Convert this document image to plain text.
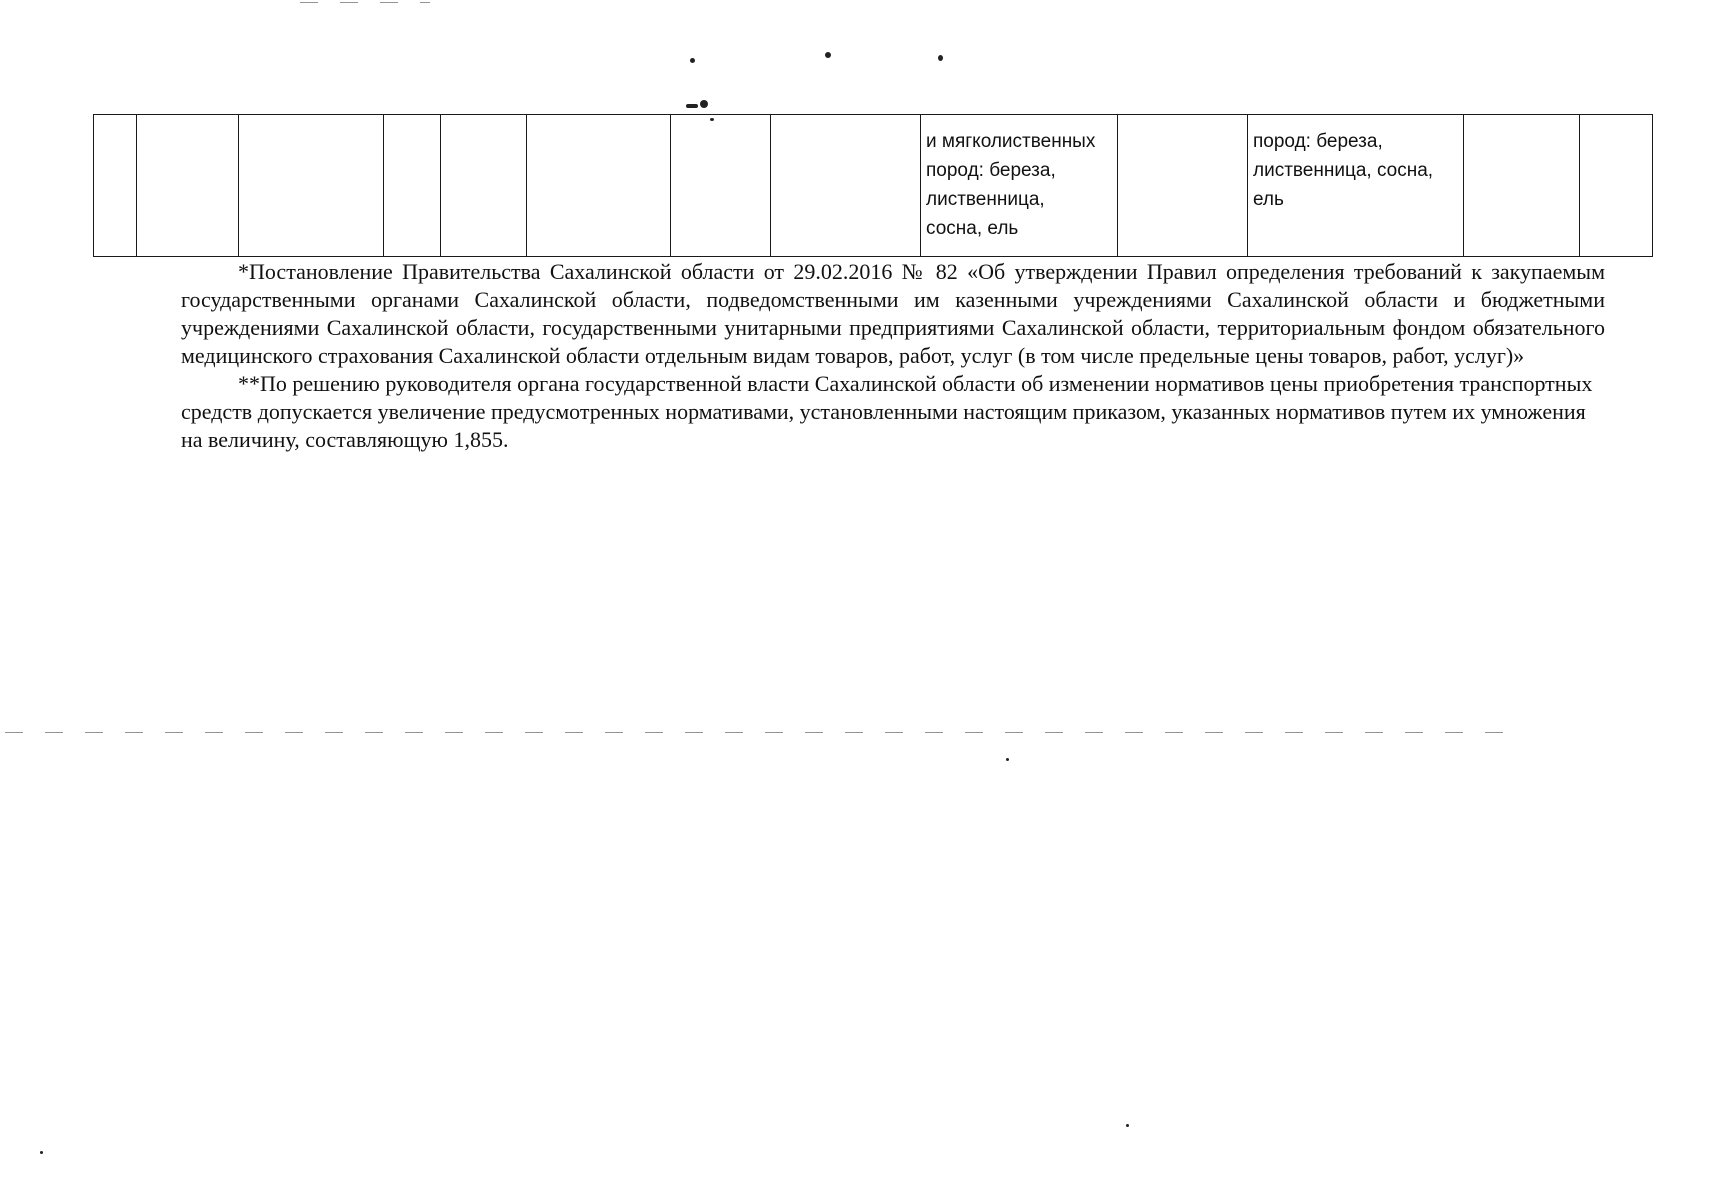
и мягколиственных
пород: береза,
лиственница,
сосна, ель

пород: береза,
лиственница, сосна,
ель

*Постановление Правительства Сахалинской области от 29.02.2016 № 82 «Об утверждении Правил определения требований к закупаемым государственными органами Сахалинской области, подведомственными им казенными учреждениями Сахалинской области и бюджетными учреждениями Сахалинской области, государственными унитарными предприятиями Сахалинской области, территориальным фондом обязательного медицинского страхования Сахалинской области отдельным видам товаров, работ, услуг (в том числе предельные цены товаров, работ, услуг)»

**По решению руководителя органа государственной власти Сахалинской области об изменении нормативов цены приобретения транспортных средств допускается увеличение предусмотренных нормативами, установленными настоящим приказом, указанных нормативов путем их умножения на величину, составляющую 1,855.
